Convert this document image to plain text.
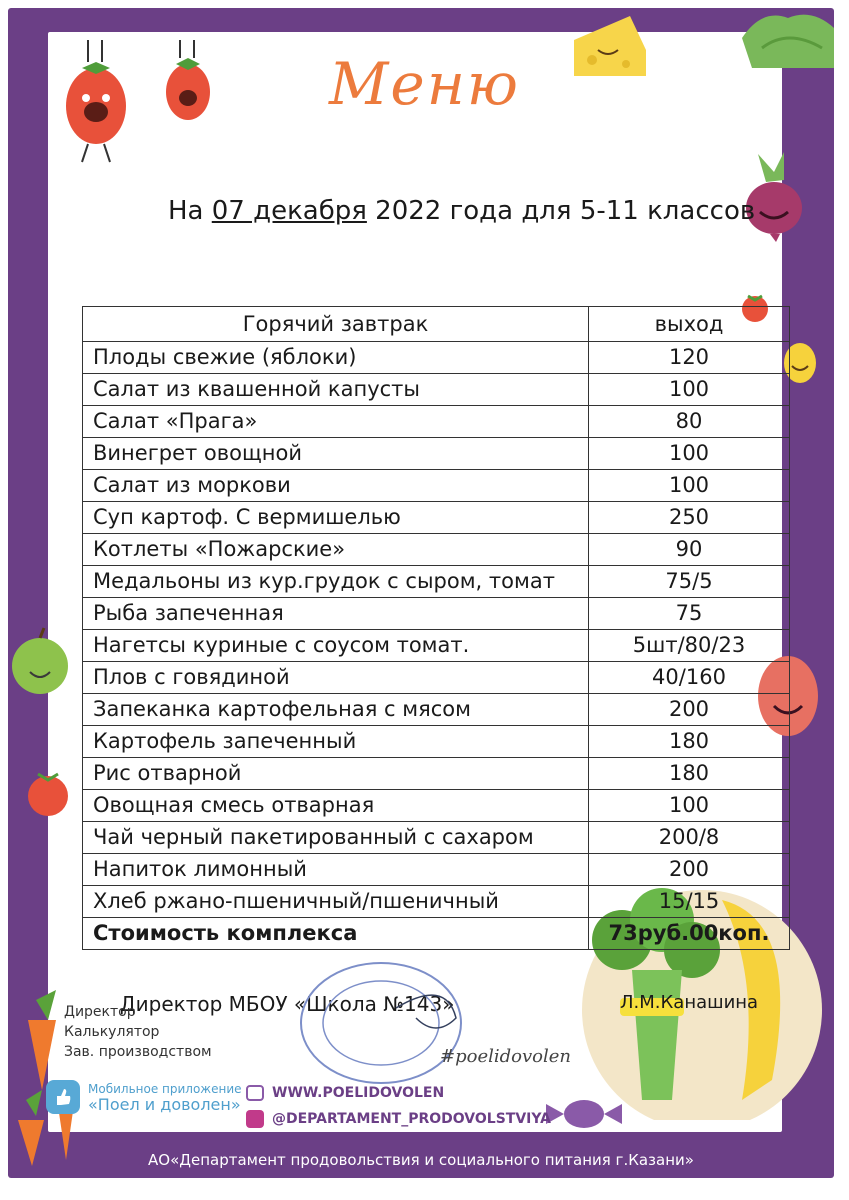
Меню
На 07 декабря 2022 года для 5-11 классов
Горячий завтрак	выход
Плоды свежие (яблоки)	120
Салат из квашенной капусты	100
Салат «Прага»	80
Винегрет овощной	100
Салат из моркови	100
Суп картоф. С вермишелью	250
Котлеты «Пожарские»	90
Медальоны из кур.грудок с сыром, томат	75/5
Рыба запеченная	75
Нагетсы куриные с соусом томат.	5шт/80/23
Плов с говядиной	40/160
Запеканка картофельная с мясом	200
Картофель запеченный	180
Рис отварной	180
Овощная смесь отварная	100
Чай черный пакетированный с сахаром	200/8
Напиток лимонный	200
Хлеб ржано-пшеничный/пшеничный	15/15
Стоимость комплекса	73руб.00коп.
Директор МБОУ «Школа №143»	Л.М.Канашина
Директор
Калькулятор
Зав. производством	#poelidovolen
Мобильное приложение
«Поел и доволен»
WWW.POELIDOVOLEN
@DEPARTAMENT_PRODOVOLSTVIYA
АО«Департамент продовольствия и социального питания г.Казани»
